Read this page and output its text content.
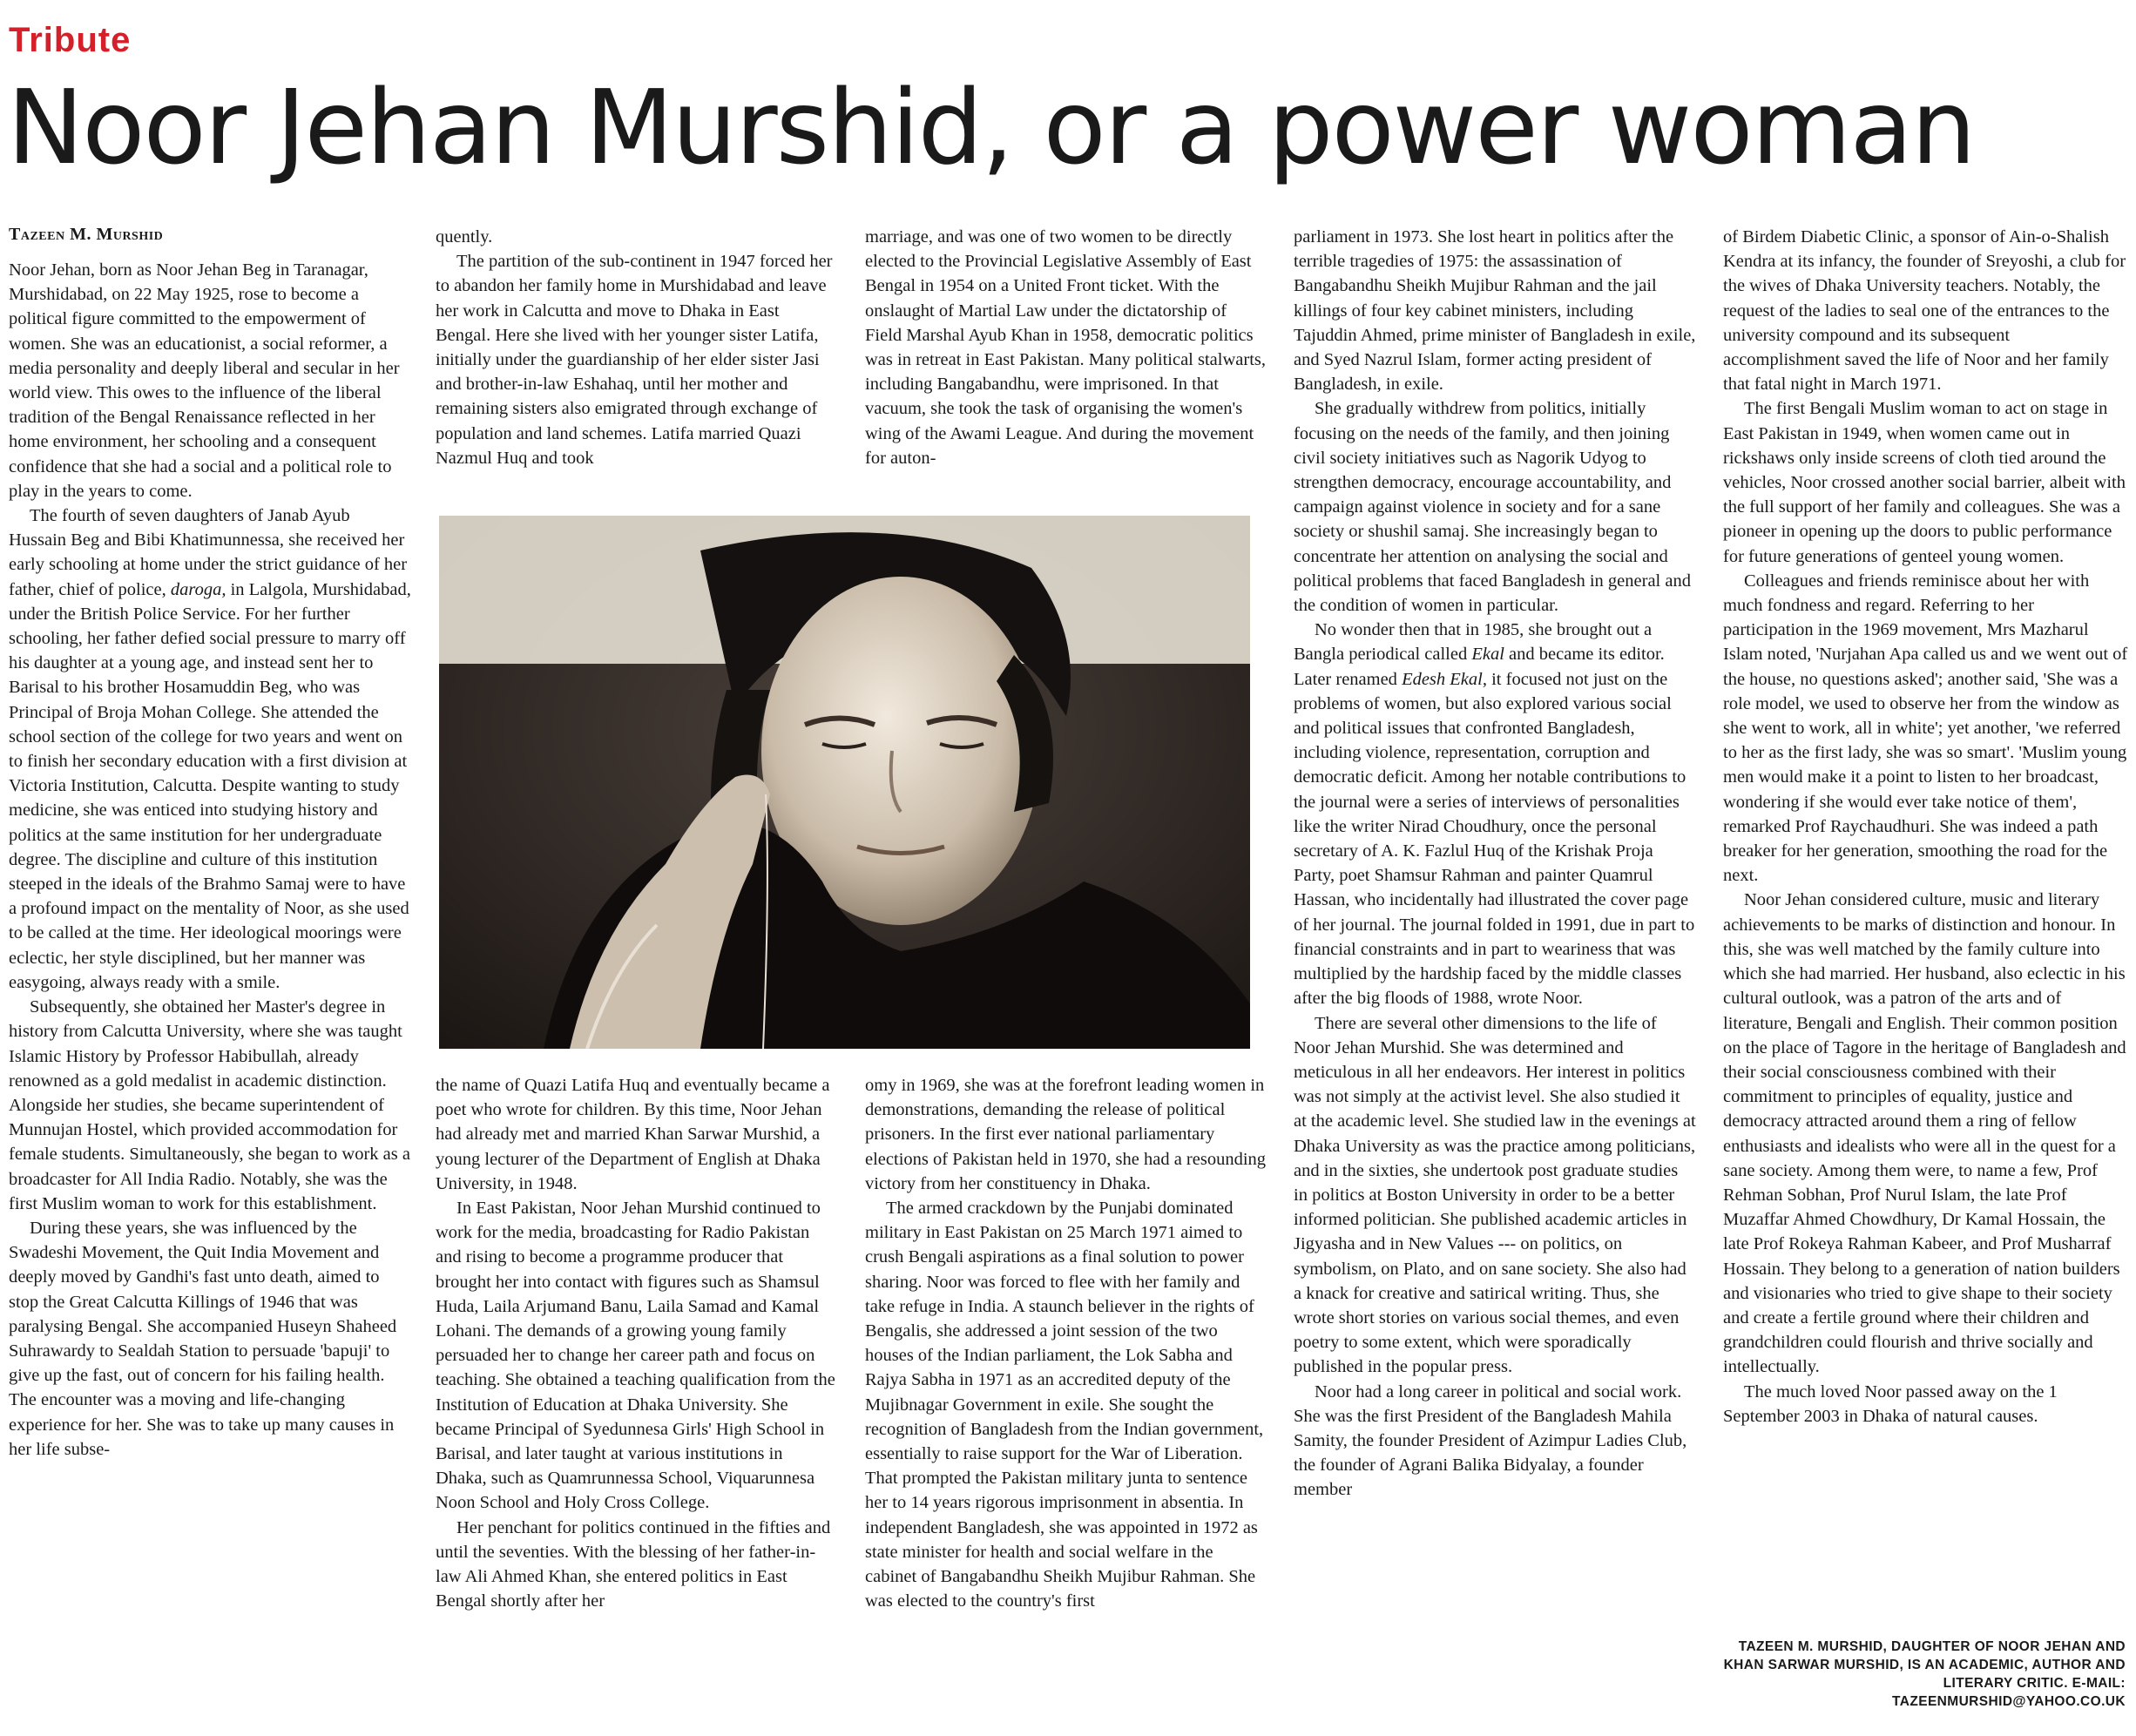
Tribute
Noor Jehan Murshid, or a power woman
Tazeen M. Murshid

Noor Jehan, born as Noor Jehan Beg in Taranagar, Murshidabad, on 22 May 1925, rose to become a political figure committed to the empowerment of women. She was an educationist, a social reformer, a media personality and deeply liberal and secular in her world view. This owes to the influence of the liberal tradition of the Bengal Renaissance reflected in her home environment, her schooling and a consequent confidence that she had a social and a political role to play in the years to come.

The fourth of seven daughters of Janab Ayub Hussain Beg and Bibi Khatimunnessa, she received her early schooling at home under the strict guidance of her father, chief of police, daroga, in Lalgola, Murshidabad, under the British Police Service. For her further schooling, her father defied social pressure to marry off his daughter at a young age, and instead sent her to Barisal to his brother Hosamuddin Beg, who was Principal of Broja Mohan College. She attended the school section of the college for two years and went on to finish her secondary education with a first division at Victoria Institution, Calcutta. Despite wanting to study medicine, she was enticed into studying history and politics at the same institution for her undergraduate degree. The discipline and culture of this institution steeped in the ideals of the Brahmo Samaj were to have a profound impact on the mentality of Noor, as she used to be called at the time. Her ideological moorings were eclectic, her style disciplined, but her manner was easygoing, always ready with a smile.

Subsequently, she obtained her Master's degree in history from Calcutta University, where she was taught Islamic History by Professor Habibullah, already renowned as a gold medalist in academic distinction. Alongside her studies, she became superintendent of Munnujan Hostel, which provided accommodation for female students. Simultaneously, she began to work as a broadcaster for All India Radio. Notably, she was the first Muslim woman to work for this establishment.

During these years, she was influenced by the Swadeshi Movement, the Quit India Movement and deeply moved by Gandhi's fast unto death, aimed to stop the Great Calcutta Killings of 1946 that was paralysing Bengal. She accompanied Huseyn Shaheed Suhrawardy to Sealdah Station to persuade 'bapuji' to give up the fast, out of concern for his failing health. The encounter was a moving and life-changing experience for her. She was to take up many causes in her life subse-

quently.

The partition of the sub-continent in 1947 forced her to abandon her family home in Murshidabad and leave her work in Calcutta and move to Dhaka in East Bengal. Here she lived with her younger sister Latifa, initially under the guardianship of her elder sister Jasi and brother-in-law Eshahaq, until her mother and remaining sisters also emigrated through exchange of population and land schemes. Latifa married Quazi Nazmul Huq and took

marriage, and was one of two women to be directly elected to the Provincial Legislative Assembly of East Bengal in 1954 on a United Front ticket. With the onslaught of Martial Law under the dictatorship of Field Marshal Ayub Khan in 1958, democratic politics was in retreat in East Pakistan. Many political stalwarts, including Bangabandhu, were imprisoned. In that vacuum, she took the task of organising the women's wing of the Awami League. And during the movement for auton-

the name of Quazi Latifa Huq and eventually became a poet who wrote for children. By this time, Noor Jehan had already met and married Khan Sarwar Murshid, a young lecturer of the Department of English at Dhaka University, in 1948.

In East Pakistan, Noor Jehan Murshid continued to work for the media, broadcasting for Radio Pakistan and rising to become a programme producer that brought her into contact with figures such as Shamsul Huda, Laila Arjumand Banu, Laila Samad and Kamal Lohani. The demands of a growing young family persuaded her to change her career path and focus on teaching. She obtained a teaching qualification from the Institution of Education at Dhaka University. She became Principal of Syedunnesa Girls' High School in Barisal, and later taught at various institutions in Dhaka, such as Quamrunnessa School, Viquarunnesa Noon School and Holy Cross College.

Her penchant for politics continued in the fifties and until the seventies. With the blessing of her father-in-law Ali Ahmed Khan, she entered politics in East Bengal shortly after her

omy in 1969, she was at the forefront leading women in demonstrations, demanding the release of political prisoners. In the first ever national parliamentary elections of Pakistan held in 1970, she had a resounding victory from her constituency in Dhaka.

The armed crackdown by the Punjabi dominated military in East Pakistan on 25 March 1971 aimed to crush Bengali aspirations as a final solution to power sharing. Noor was forced to flee with her family and take refuge in India. A staunch believer in the rights of Bengalis, she addressed a joint session of the two houses of the Indian parliament, the Lok Sabha and Rajya Sabha in 1971 as an accredited deputy of the Mujibnagar Government in exile. She sought the recognition of Bangladesh from the Indian government, essentially to raise support for the War of Liberation. That prompted the Pakistan military junta to sentence her to 14 years rigorous imprisonment in absentia. In independent Bangladesh, she was appointed in 1972 as state minister for health and social welfare in the cabinet of Bangabandhu Sheikh Mujibur Rahman. She was elected to the country's first

parliament in 1973. She lost heart in politics after the terrible tragedies of 1975: the assassination of Bangabandhu Sheikh Mujibur Rahman and the jail killings of four key cabinet ministers, including Tajuddin Ahmed, prime minister of Bangladesh in exile, and Syed Nazrul Islam, former acting president of Bangladesh, in exile.

She gradually withdrew from politics, initially focusing on the needs of the family, and then joining civil society initiatives such as Nagorik Udyog to strengthen democracy, encourage accountability, and campaign against violence in society and for a sane society or shushil samaj. She increasingly began to concentrate her attention on analysing the social and political problems that faced Bangladesh in general and the condition of women in particular.

No wonder then that in 1985, she brought out a Bangla periodical called Ekal and became its editor. Later renamed Edesh Ekal, it focused not just on the problems of women, but also explored various social and political issues that confronted Bangladesh, including violence, representation, corruption and democratic deficit. Among her notable contributions to the journal were a series of interviews of personalities like the writer Nirad Choudhury, once the personal secretary of A. K. Fazlul Huq of the Krishak Proja Party, poet Shamsur Rahman and painter Quamrul Hassan, who incidentally had illustrated the cover page of her journal. The journal folded in 1991, due in part to financial constraints and in part to weariness that was multiplied by the hardship faced by the middle classes after the big floods of 1988, wrote Noor.

There are several other dimensions to the life of Noor Jehan Murshid. She was determined and meticulous in all her endeavors. Her interest in politics was not simply at the activist level. She also studied it at the academic level. She studied law in the evenings at Dhaka University as was the practice among politicians, and in the sixties, she undertook post graduate studies in politics at Boston University in order to be a better informed politician. She published academic articles in Jigyasha and in New Values --- on politics, on symbolism, on Plato, and on sane society. She also had a knack for creative and satirical writing. Thus, she wrote short stories on various social themes, and even poetry to some extent, which were sporadically published in the popular press.

Noor had a long career in political and social work. She was the first President of the Bangladesh Mahila Samity, the founder President of Azimpur Ladies Club, the founder of Agrani Balika Bidyalay, a founder member

of Birdem Diabetic Clinic, a sponsor of Ain-o-Shalish Kendra at its infancy, the founder of Sreyoshi, a club for the wives of Dhaka University teachers. Notably, the request of the ladies to seal one of the entrances to the university compound and its subsequent accomplishment saved the life of Noor and her family that fatal night in March 1971.

The first Bengali Muslim woman to act on stage in East Pakistan in 1949, when women came out in rickshaws only inside screens of cloth tied around the vehicles, Noor crossed another social barrier, albeit with the full support of her family and colleagues. She was a pioneer in opening up the doors to public performance for future generations of genteel young women.

Colleagues and friends reminisce about her with much fondness and regard. Referring to her participation in the 1969 movement, Mrs Mazharul Islam noted, 'Nurjahan Apa called us and we went out of the house, no questions asked'; another said, 'She was a role model, we used to observe her from the window as she went to work, all in white'; yet another, 'we referred to her as the first lady, she was so smart'. 'Muslim young men would make it a point to listen to her broadcast, wondering if she would ever take notice of them', remarked Prof Raychaudhuri. She was indeed a path breaker for her generation, smoothing the road for the next.

Noor Jehan considered culture, music and literary achievements to be marks of distinction and honour. In this, she was well matched by the family culture into which she had married. Her husband, also eclectic in his cultural outlook, was a patron of the arts and of literature, Bengali and English. Their common position on the place of Tagore in the heritage of Bangladesh and their social consciousness combined with their commitment to principles of equality, justice and democracy attracted around them a ring of fellow enthusiasts and idealists who were all in the quest for a sane society. Among them were, to name a few, Prof Rehman Sobhan, Prof Nurul Islam, the late Prof Muzaffar Ahmed Chowdhury, Dr Kamal Hossain, the late Prof Rokeya Rahman Kabeer, and Prof Musharraf Hossain. They belong to a generation of nation builders and visionaries who tried to give shape to their society and create a fertile ground where their children and grandchildren could flourish and thrive socially and intellectually.

The much loved Noor passed away on the 1 September 2003 in Dhaka of natural causes.

TAZEEN M. MURSHID, DAUGHTER OF NOOR JEHAN AND KHAN SARWAR MURSHID, IS AN ACADEMIC, AUTHOR AND LITERARY CRITIC. E-MAIL: TAZEENMURSHID@YAHOO.CO.UK
